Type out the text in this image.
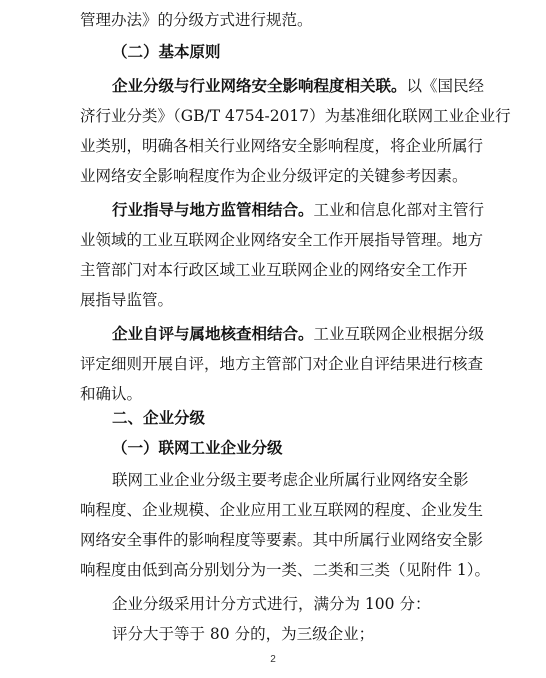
管理办法》的分级方式进行规范。
（二）基本原则
企业分级与行业网络安全影响程度相关联。以《国民经
济行业分类》（GB/T 4754-2017）为基准细化联网工业企业行
业类别，明确各相关行业网络安全影响程度，将企业所属行
业网络安全影响程度作为企业分级评定的关键参考因素。
行业指导与地方监管相结合。工业和信息化部对主管行
业领域的工业互联网企业网络安全工作开展指导管理。地方
主管部门对本行政区域工业互联网企业的网络安全工作开
展指导监管。
企业自评与属地核查相结合。工业互联网企业根据分级
评定细则开展自评，地方主管部门对企业自评结果进行核查
和确认。
二、企业分级
（一）联网工业企业分级
联网工业企业分级主要考虑企业所属行业网络安全影
响程度、企业规模、企业应用工业互联网的程度、企业发生
网络安全事件的影响程度等要素。其中所属行业网络安全影
响程度由低到高分别划分为一类、二类和三类（见附件 1）。
企业分级采用计分方式进行，满分为 100 分：
评分大于等于 80 分的，为三级企业；
2
